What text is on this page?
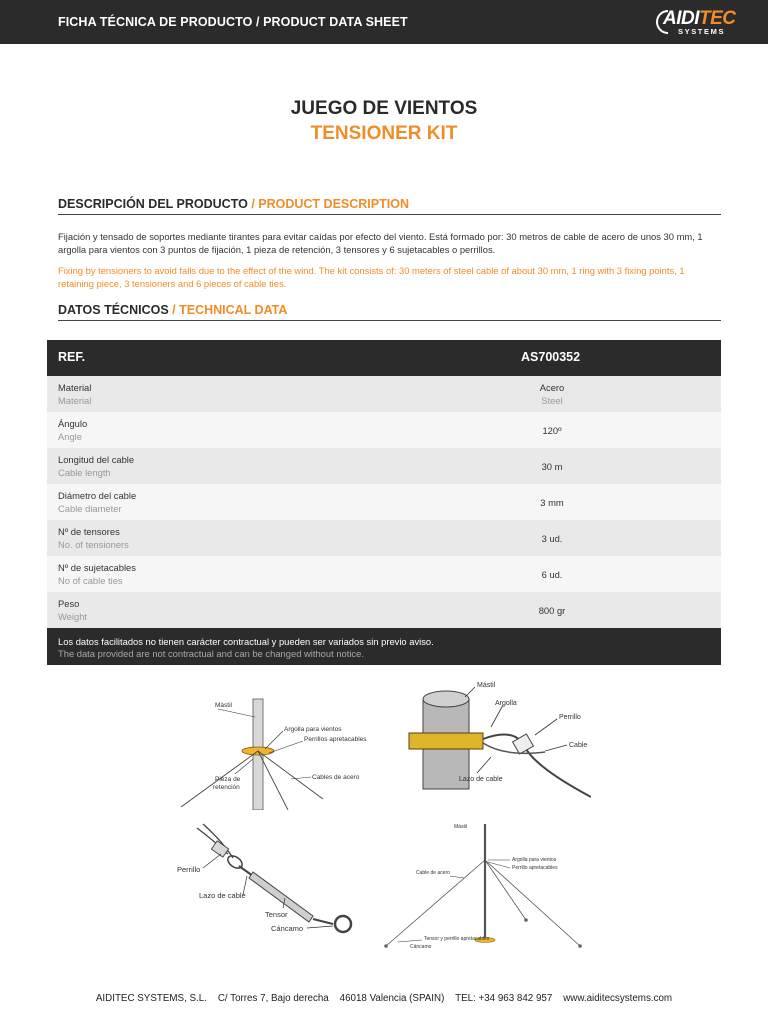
FICHA TÉCNICA DE PRODUCTO / PRODUCT DATA SHEET	AIDITEC
SYSTEMS
JUEGO DE VIENTOS
TENSIONER KIT
DESCRIPCIÓN DEL PRODUCTO / PRODUCT DESCRIPTION
Fijación y tensado de soportes mediante tirantes para evitar caídas por efecto del viento. Está formado por: 30 metros de cable de acero de unos 30 mm, 1 argolla para vientos con 3 puntos de fijación, 1 pieza de retención, 3 tensores y 6 sujetacables o perrillos.
Fixing by tensioners to avoid falls due to the effect of the wind. The kit consists of: 30 meters of steel cable of about 30 mm, 1 ring with 3 fixing points, 1 retaining piece, 3 tensioners and 6 pieces of cable ties.
DATOS TÉCNICOS / TECHNICAL DATA
REF.	AS700352
Material
Material
Acero
Steel
Ángulo
Angle
120º
Longitud del cable
Cable length
30 m
Diámetro del cable
Cable diameter
3 mm
Nº de tensores
No. of tensioners
3 ud.
Nº de sujetacables
No of cable ties
6 ud.
Peso
Weight
800 gr
Los datos facilitados no tienen carácter contractual y pueden ser variados sin previo aviso.
The data provided are not contractual and can be changed without notice.
Mástil
Argolla para vientos
Perrillos apretacables
Pieza de
retención
Cables de acero
Mástil
Argolla
Perrillo
Cable
Lazo de cable
Perrillo
Lazo de cable
Tensor
Cáncamo
Mástil
Cable de acero
Argolla para vientos
Perrillo apretacables
Tensor y perrillo apretacables
Cáncamo
AIDITEC SYSTEMS, S.L.    C/ Torres 7, Bajo derecha    46018 Valencia (SPAIN)    TEL: +34 963 842 957    www.aiditecsystems.com
